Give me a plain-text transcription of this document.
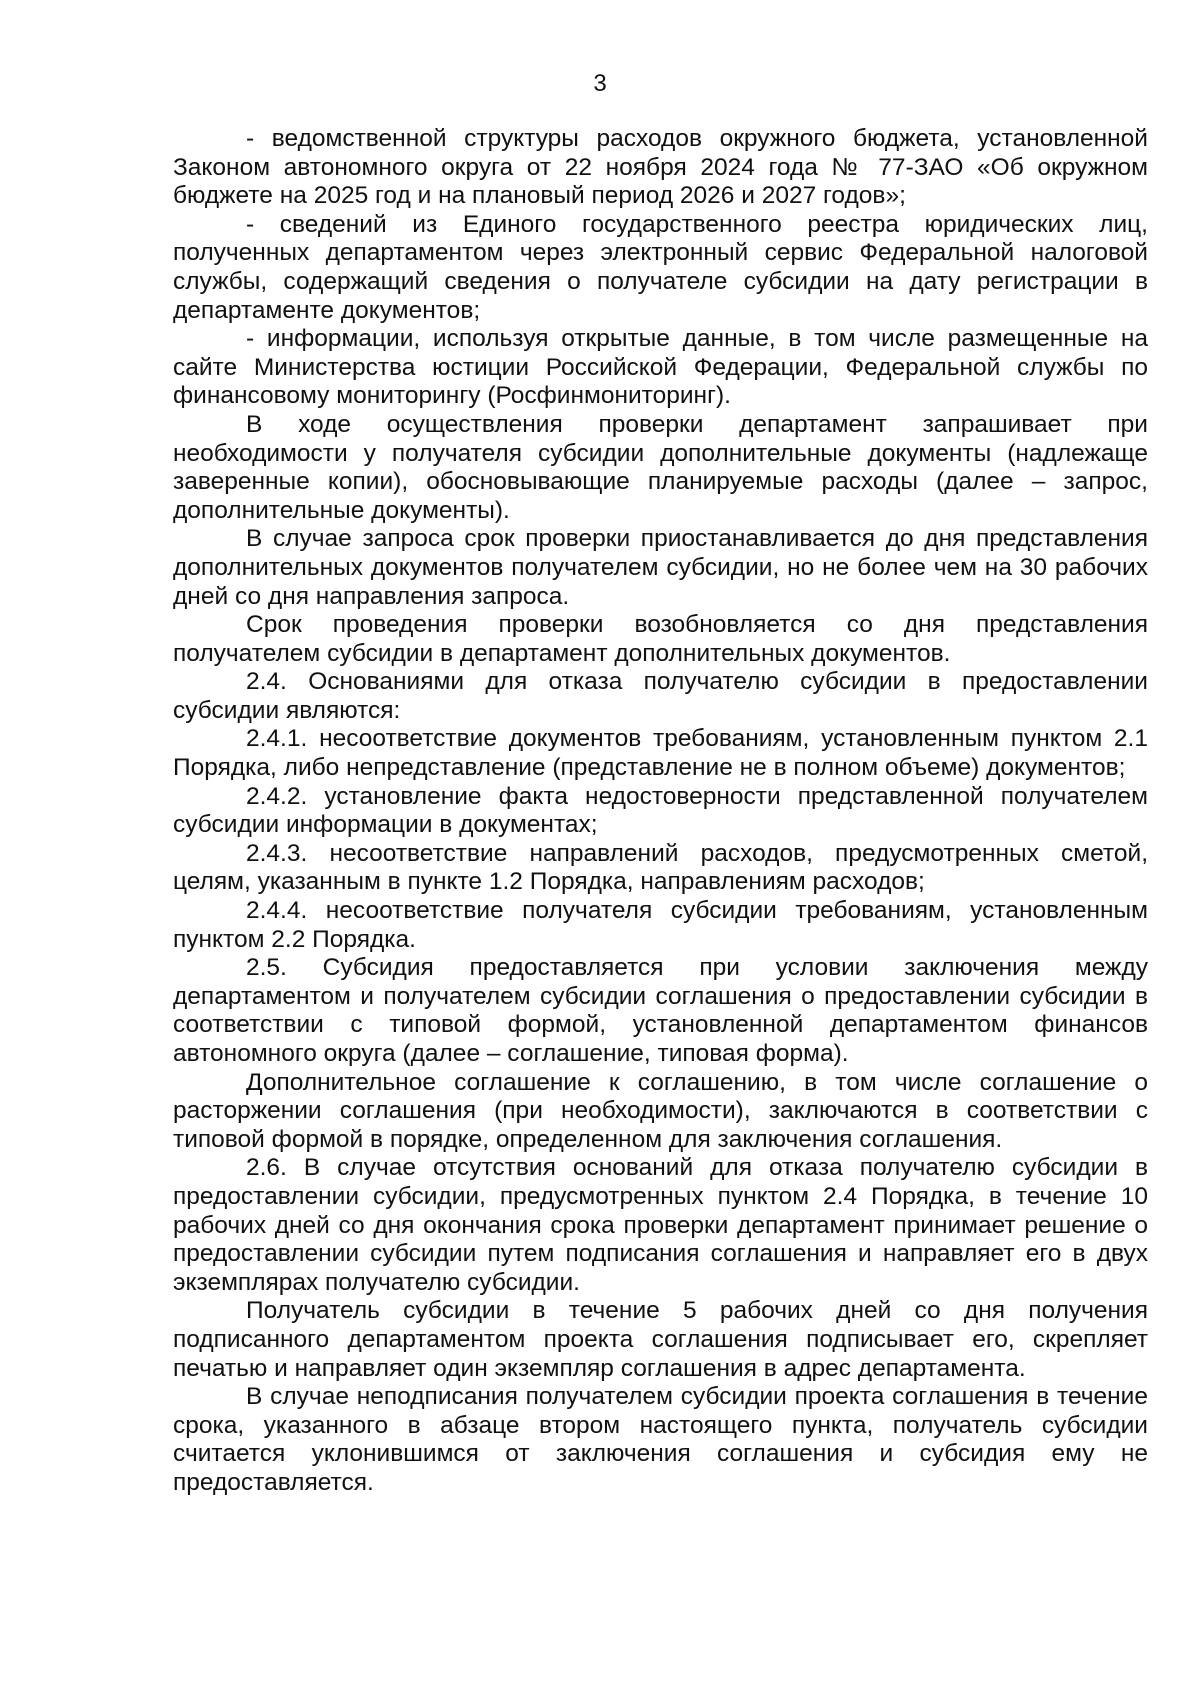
3

- ведомственной структуры расходов окружного бюджета, установленной Законом автономного округа от 22 ноября 2024 года № 77-ЗАО «Об окружном бюджете на 2025 год и на плановый период 2026 и 2027 годов»;

- сведений из Единого государственного реестра юридических лиц, полученных департаментом через электронный сервис Федеральной налоговой службы, содержащий сведения о получателе субсидии на дату регистрации в департаменте документов;

- информации, используя открытые данные, в том числе размещенные на сайте Министерства юстиции Российской Федерации, Федеральной службы по финансовому мониторингу (Росфинмониторинг).

В ходе осуществления проверки департамент запрашивает при необходимости у получателя субсидии дополнительные документы (надлежаще заверенные копии), обосновывающие планируемые расходы (далее – запрос, дополнительные документы).

В случае запроса срок проверки приостанавливается до дня представления дополнительных документов получателем субсидии, но не более чем на 30 рабочих дней со дня направления запроса.

Срок проведения проверки возобновляется со дня представления получателем субсидии в департамент дополнительных документов.

2.4. Основаниями для отказа получателю субсидии в предоставлении субсидии являются:

2.4.1. несоответствие документов требованиям, установленным пунктом 2.1 Порядка, либо непредставление (представление не в полном объеме) документов;

2.4.2. установление факта недостоверности представленной получателем субсидии информации в документах;

2.4.3. несоответствие направлений расходов, предусмотренных сметой, целям, указанным в пункте 1.2 Порядка, направлениям расходов;

2.4.4. несоответствие получателя субсидии требованиям, установленным пунктом 2.2 Порядка.

2.5. Субсидия предоставляется при условии заключения между департаментом и получателем субсидии соглашения о предоставлении субсидии в соответствии с типовой формой, установленной департаментом финансов автономного округа (далее – соглашение, типовая форма).

Дополнительное соглашение к соглашению, в том числе соглашение о расторжении соглашения (при необходимости), заключаются в соответствии с типовой формой в порядке, определенном для заключения соглашения.

2.6. В случае отсутствия оснований для отказа получателю субсидии в предоставлении субсидии, предусмотренных пунктом 2.4 Порядка, в течение 10 рабочих дней со дня окончания срока проверки департамент принимает решение о предоставлении субсидии путем подписания соглашения и направляет его в двух экземплярах получателю субсидии.

Получатель субсидии в течение 5 рабочих дней со дня получения подписанного департаментом проекта соглашения подписывает его, скрепляет печатью и направляет один экземпляр соглашения в адрес департамента.

В случае неподписания получателем субсидии проекта соглашения в течение срока, указанного в абзаце втором настоящего пункта, получатель субсидии считается уклонившимся от заключения соглашения и субсидия ему не предоставляется.
